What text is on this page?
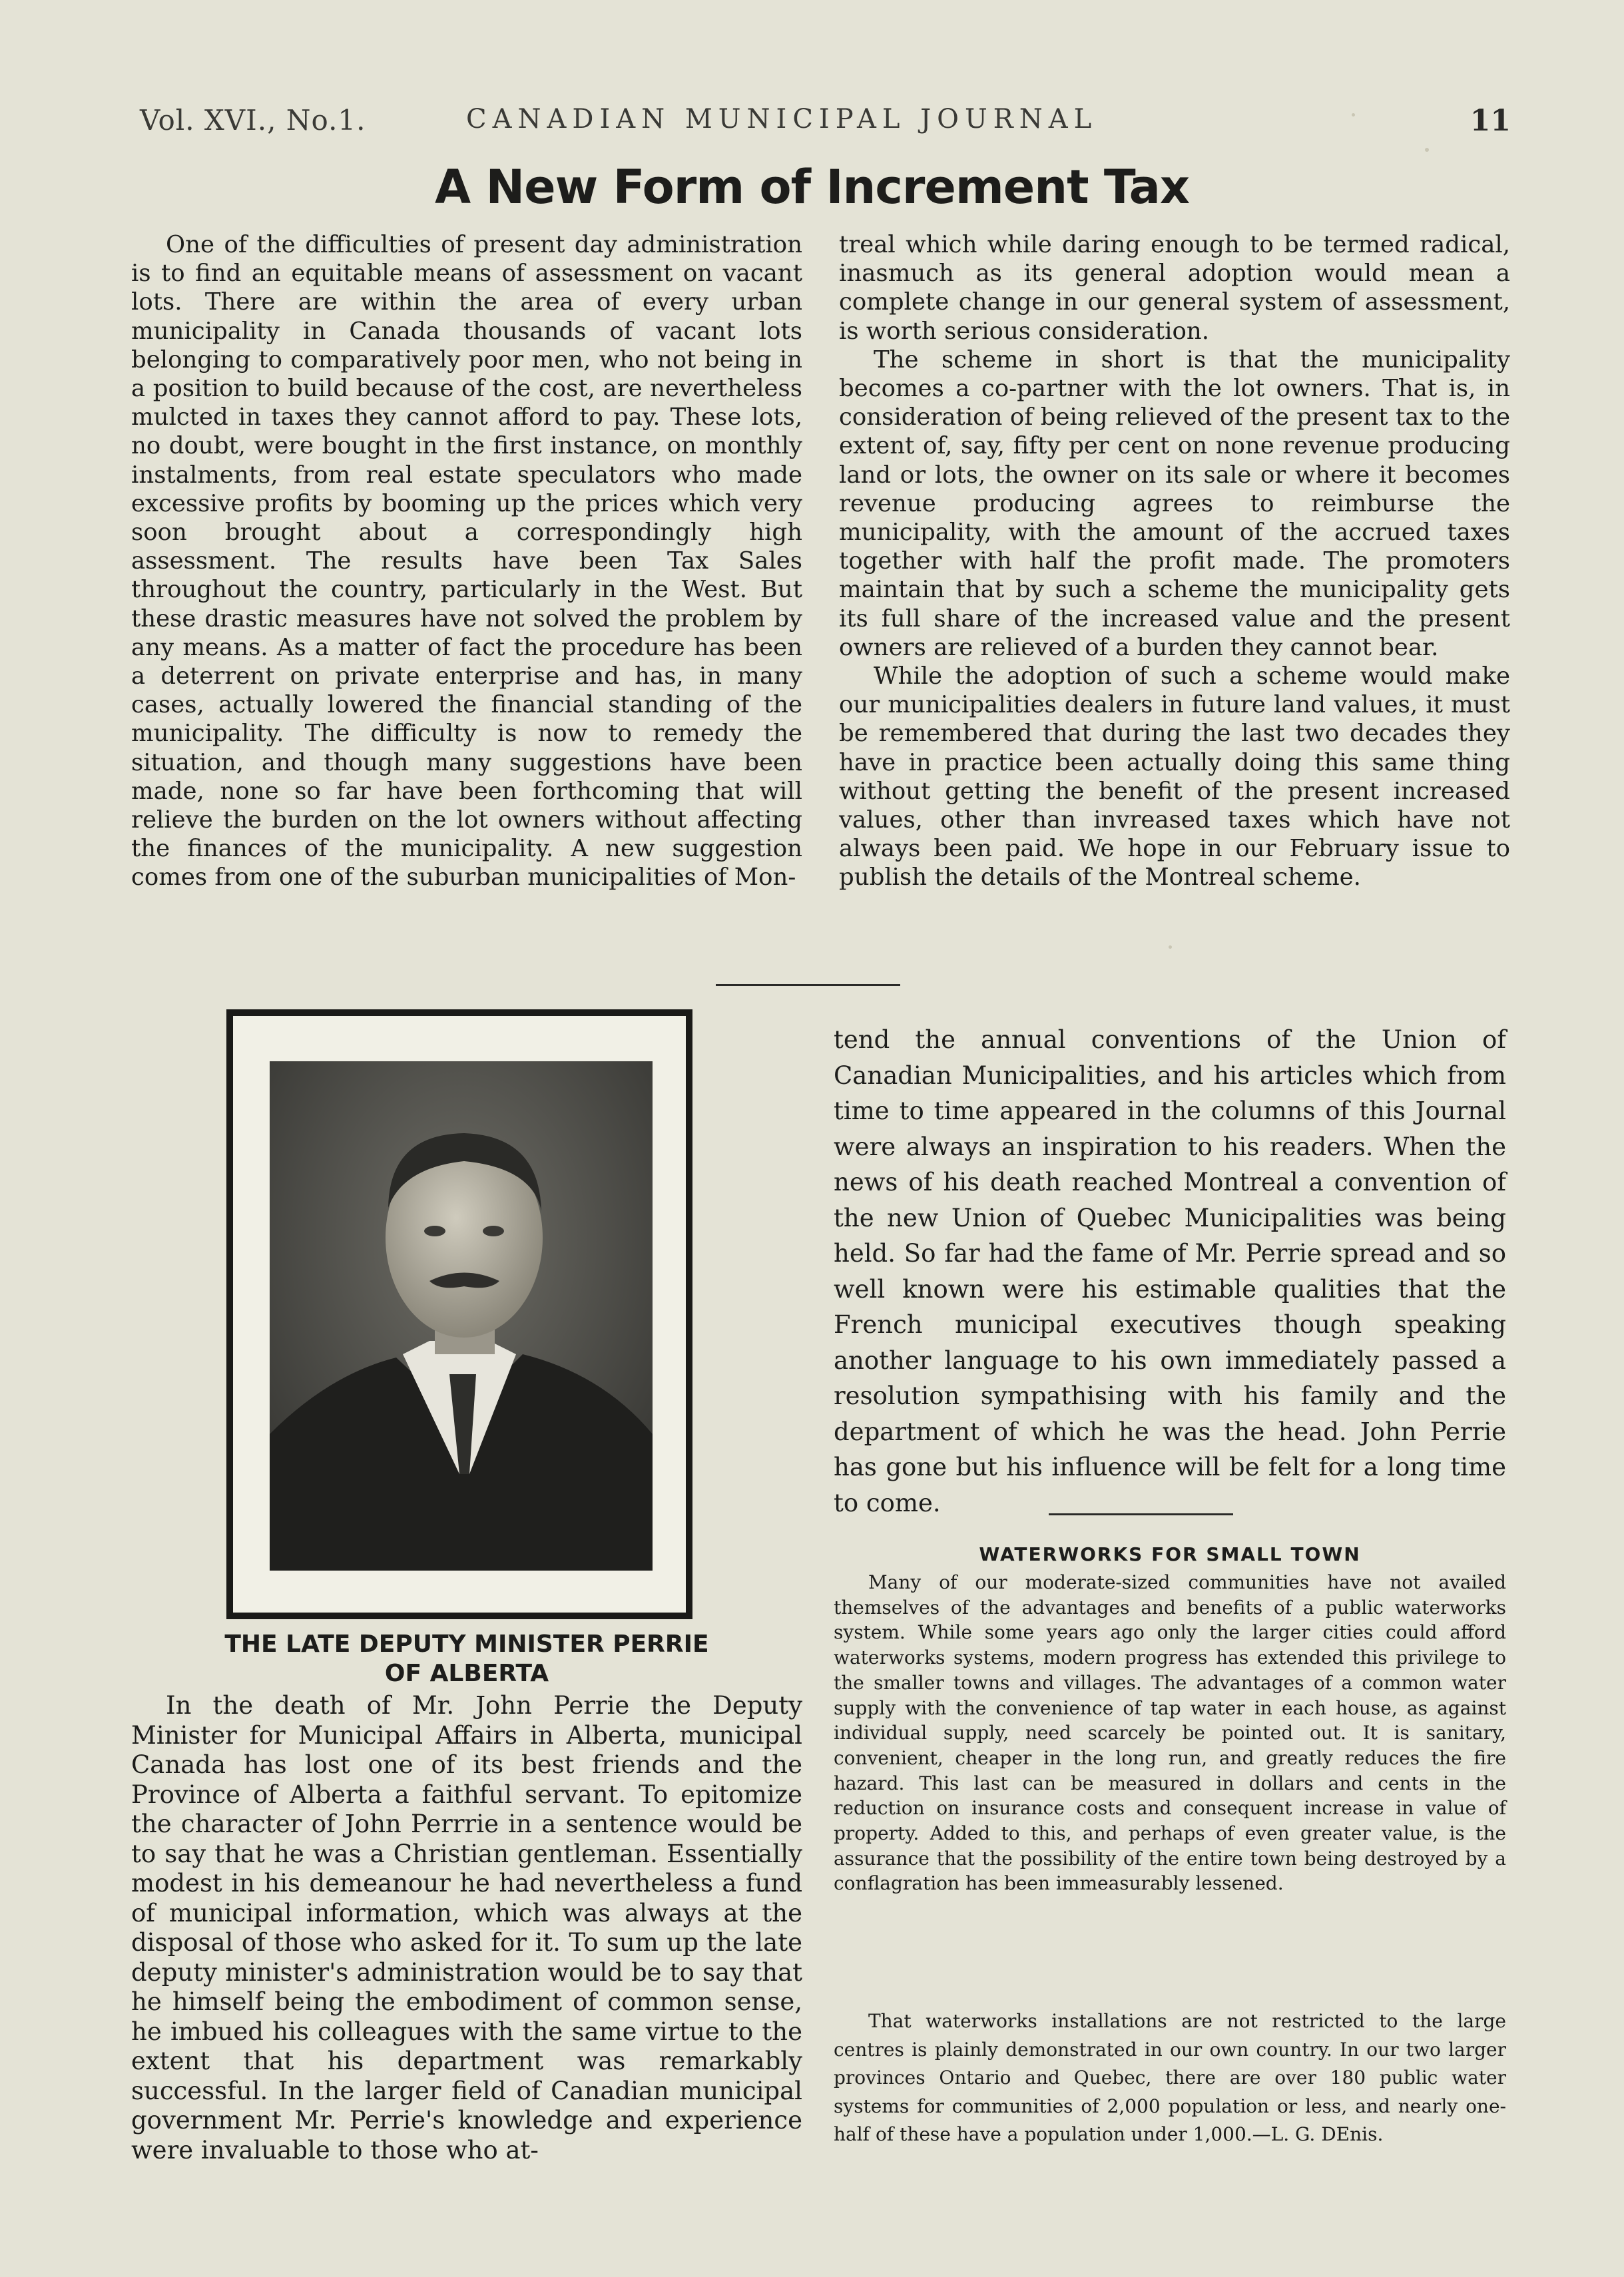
Vol. XVI., No.1.	CANADIAN MUNICIPAL JOURNAL	11
A New Form of Increment Tax

One of the difficulties of present day administration is to find an equitable means of assessment on vacant lots. There are within the area of every urban municipality in Canada thousands of vacant lots belonging to comparatively poor men, who not being in a position to build because of the cost, are nevertheless mulcted in taxes they cannot afford to pay. These lots, no doubt, were bought in the first instance, on monthly instalments, from real estate speculators who made excessive profits by booming up the prices which very soon brought about a correspondingly high assessment. The results have been Tax Sales throughout the country, particularly in the West. But these drastic measures have not solved the problem by any means. As a matter of fact the procedure has been a deterrent on private enterprise and has, in many cases, actually lowered the financial standing of the municipality. The difficulty is now to remedy the situation, and though many suggestions have been made, none so far have been forthcoming that will relieve the burden on the lot owners without affecting the finances of the municipality. A new suggestion comes from one of the suburban municipalities of Mon-

treal which while daring enough to be termed radical, inasmuch as its general adoption would mean a complete change in our general system of assessment, is worth serious consideration.

The scheme in short is that the municipality becomes a co-partner with the lot owners. That is, in consideration of being relieved of the present tax to the extent of, say, fifty per cent on none revenue producing land or lots, the owner on its sale or where it becomes revenue producing agrees to reimburse the municipality, with the amount of the accrued taxes together with half the profit made. The promoters maintain that by such a scheme the municipality gets its full share of the increased value and the present owners are relieved of a burden they cannot bear.

While the adoption of such a scheme would make our municipalities dealers in future land values, it must be remembered that during the last two decades they have in practice been actually doing this same thing without getting the benefit of the present increased values, other than invreased taxes which have not always been paid. We hope in our February issue to publish the details of the Montreal scheme.

THE LATE DEPUTY MINISTER PERRIE
OF ALBERTA

In the death of Mr. John Perrie the Deputy Minister for Municipal Affairs in Alberta, municipal Canada has lost one of its best friends and the Province of Alberta a faithful servant. To epitomize the character of John Perrrie in a sentence would be to say that he was a Christian gentleman. Essentially modest in his demeanour he had nevertheless a fund of municipal information, which was always at the disposal of those who asked for it. To sum up the late deputy minister's administration would be to say that he himself being the embodiment of common sense, he imbued his colleagues with the same virtue to the extent that his department was remarkably successful. In the larger field of Canadian municipal government Mr. Perrie's knowledge and experience were invaluable to those who at-

tend the annual conventions of the Union of Canadian Municipalities, and his articles which from time to time appeared in the columns of this Journal were always an inspiration to his readers. When the news of his death reached Montreal a convention of the new Union of Quebec Municipalities was being held. So far had the fame of Mr. Perrie spread and so well known were his estimable qualities that the French municipal executives though speaking another language to his own immediately passed a resolution sympathising with his family and the department of which he was the head. John Perrie has gone but his influence will be felt for a long time to come.

WATERWORKS FOR SMALL TOWN

Many of our moderate-sized communities have not availed themselves of the advantages and benefits of a public waterworks system. While some years ago only the larger cities could afford waterworks systems, modern progress has extended this privilege to the smaller towns and villages. The advantages of a common water supply with the convenience of tap water in each house, as against individual supply, need scarcely be pointed out. It is sanitary, convenient, cheaper in the long run, and greatly reduces the fire hazard. This last can be measured in dollars and cents in the reduction on insurance costs and consequent increase in value of property. Added to this, and perhaps of even greater value, is the assurance that the possibility of the entire town being destroyed by a conflagration has been immeasurably lessened.

That waterworks installations are not restricted to the large centres is plainly demonstrated in our own country. In our two larger provinces Ontario and Quebec, there are over 180 public water systems for communities of 2,000 population or less, and nearly one-half of these have a population under 1,000.—L. G. DEnis.
